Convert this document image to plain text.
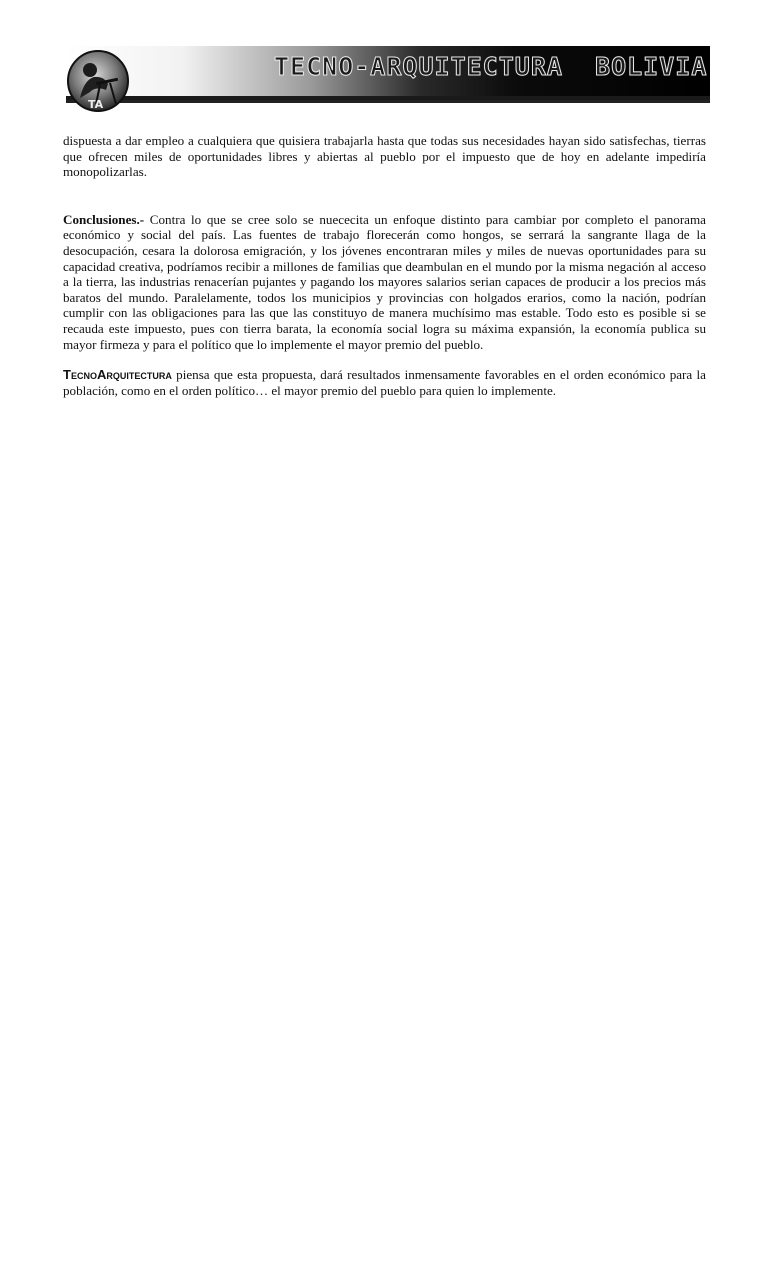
TA
TECNO-ARQUITECTURA  BOLIVIA

dispuesta a dar empleo a cualquiera que quisiera trabajarla hasta que todas sus necesidades hayan sido satisfechas, tierras que ofrecen miles de oportunidades libres y abiertas al pueblo por el impuesto que de hoy en adelante impediría monopolizarlas.

Conclusiones.- Contra lo que se cree solo se nuececita un enfoque distinto para cambiar por completo el panorama económico y social del país. Las fuentes de trabajo florecerán como hongos, se serrará la sangrante llaga de la desocupación, cesara la dolorosa emigración, y los jóvenes encontraran miles y miles de nuevas oportunidades para su capacidad creativa, podríamos recibir a millones de familias que deambulan en el mundo por la misma negación al acceso a la tierra, las industrias renacerían pujantes y pagando los mayores salarios serian capaces de producir a los precios más baratos del mundo. Paralelamente, todos los municipios y provincias con holgados erarios, como la nación, podrían cumplir con las obligaciones para las que las constituyo de manera muchísimo mas estable. Todo esto es posible si se recauda este impuesto, pues con tierra barata, la economía social logra su máxima expansión, la economía publica su mayor firmeza y para el político que lo implemente el mayor premio del pueblo.

TecnoArquitectura piensa que esta propuesta, dará resultados inmensamente favorables en el orden económico para la población, como en el orden político… el mayor premio del pueblo para quien lo implemente.
